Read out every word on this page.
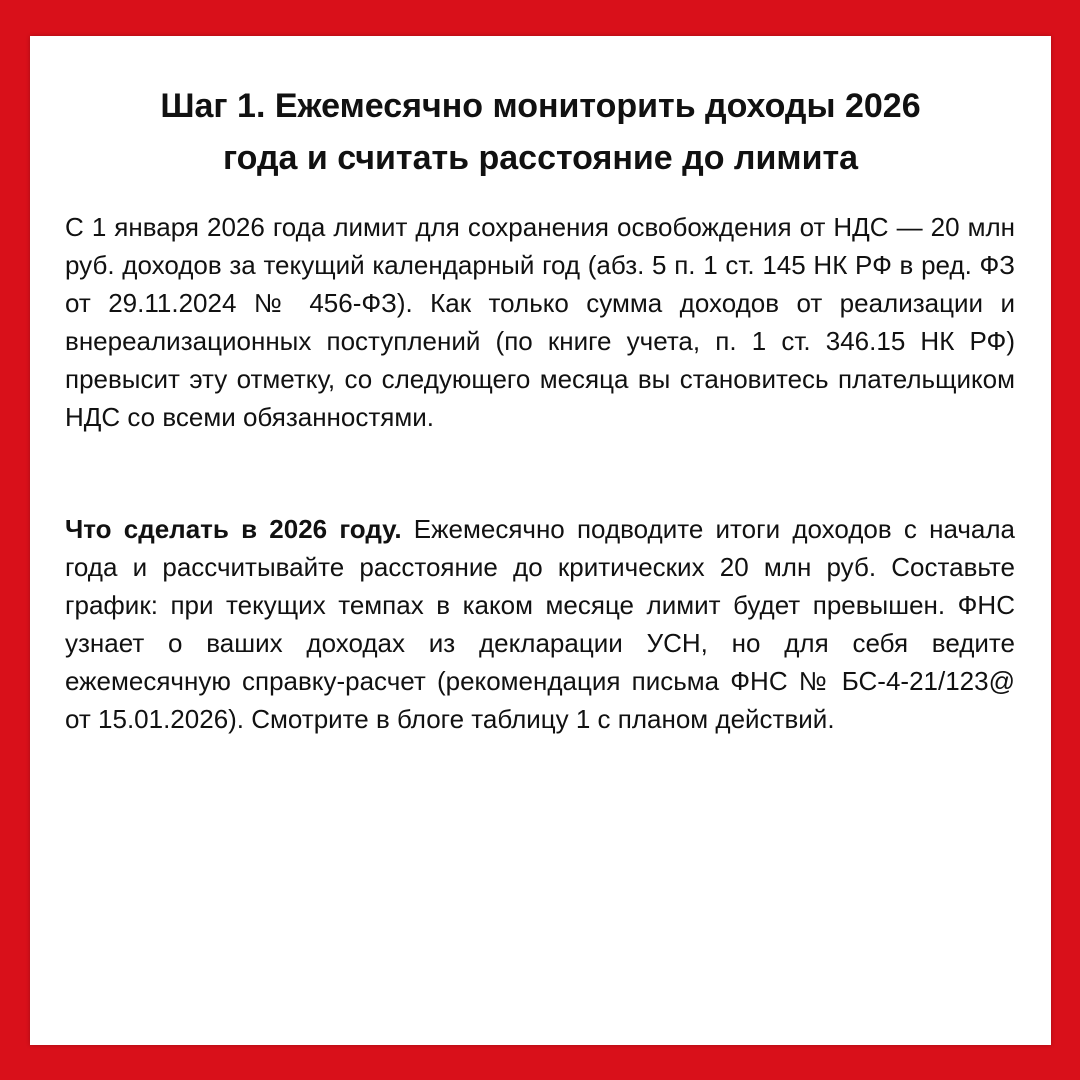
Шаг 1. Ежемесячно мониторить доходы 2026
года и считать расстояние до лимита

С 1 января 2026 года лимит для сохранения освобождения от НДС — 20 млн руб. доходов за текущий календарный год (абз. 5 п. 1 ст. 145 НК РФ в ред. ФЗ от 29.11.2024 № 456-ФЗ). Как только сумма доходов от реализации и внереализационных поступлений (по книге учета, п. 1 ст. 346.15 НК РФ) превысит эту отметку, со следующего месяца вы становитесь плательщиком НДС со всеми обязанностями.

Что сделать в 2026 году. Ежемесячно подводите итоги доходов с начала года и рассчитывайте расстояние до критических 20 млн руб. Составьте график: при текущих темпах в каком месяце лимит будет превышен. ФНС узнает о ваших доходах из декларации УСН, но для себя ведите ежемесячную справку-расчет (рекомендация письма ФНС № БС-4-21/123@ от 15.01.2026). Смотрите в блоге таблицу 1 с планом действий.
